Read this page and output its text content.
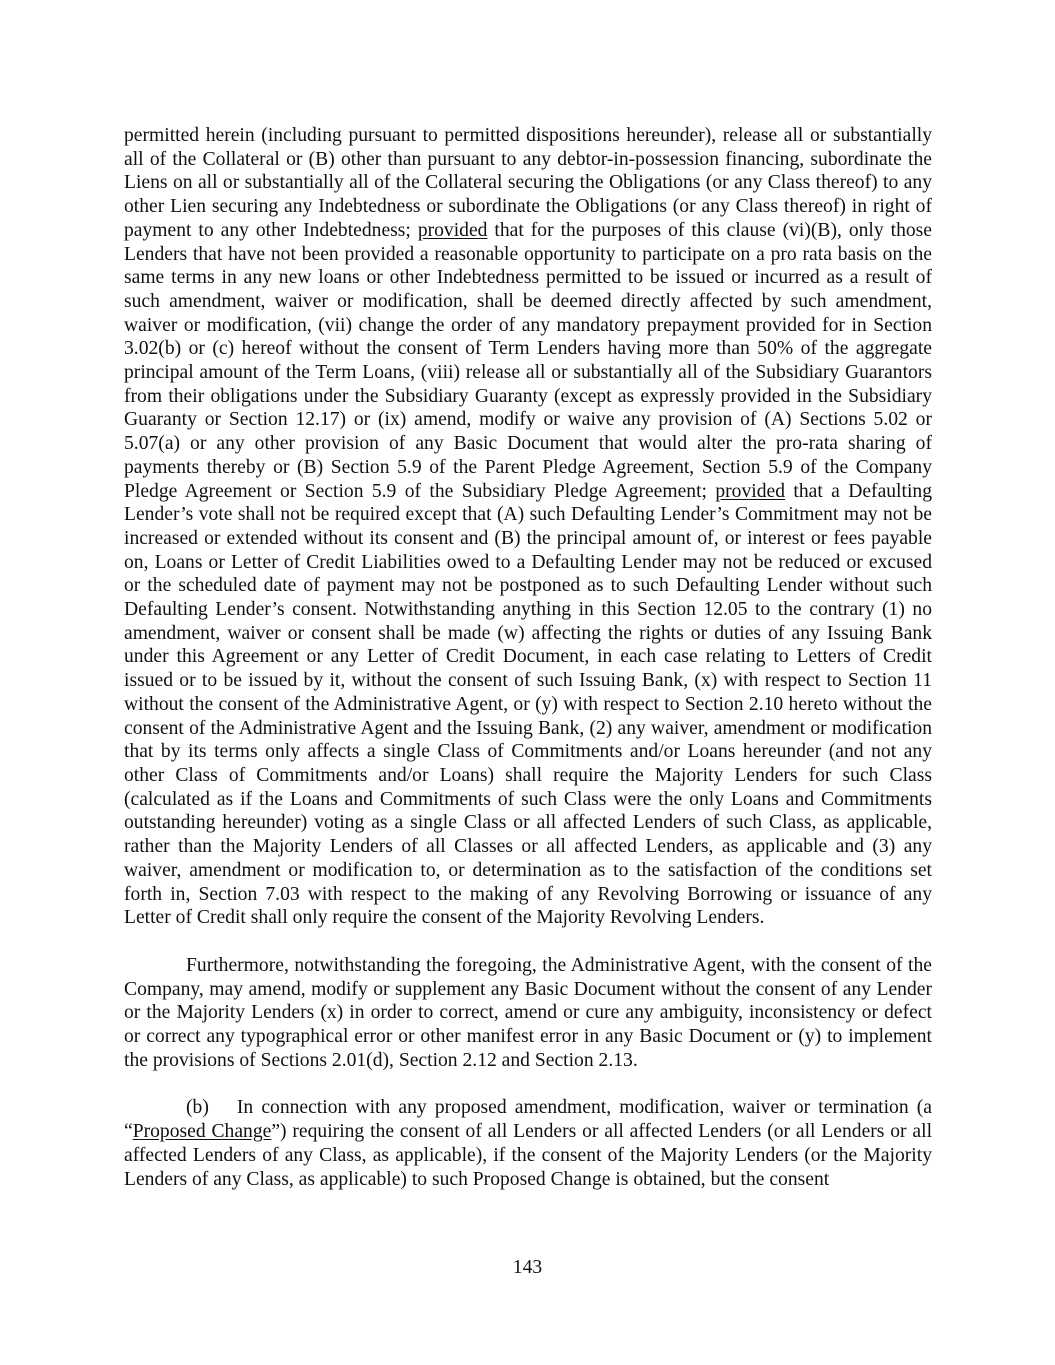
permitted herein (including pursuant to permitted dispositions hereunder), release all or substantially all of the Collateral or (B) other than pursuant to any debtor-in-possession financing, subordinate the Liens on all or substantially all of the Collateral securing the Obligations (or any Class thereof) to any other Lien securing any Indebtedness or subordinate the Obligations (or any Class thereof) in right of payment to any other Indebtedness; provided that for the purposes of this clause (vi)(B), only those Lenders that have not been provided a reasonable opportunity to participate on a pro rata basis on the same terms in any new loans or other Indebtedness permitted to be issued or incurred as a result of such amendment, waiver or modification, shall be deemed directly affected by such amendment, waiver or modification, (vii) change the order of any mandatory prepayment provided for in Section 3.02(b) or (c) hereof without the consent of Term Lenders having more than 50% of the aggregate principal amount of the Term Loans, (viii) release all or substantially all of the Subsidiary Guarantors from their obligations under the Subsidiary Guaranty (except as expressly provided in the Subsidiary Guaranty or Section 12.17) or (ix) amend, modify or waive any provision of (A) Sections 5.02 or 5.07(a) or any other provision of any Basic Document that would alter the pro-rata sharing of payments thereby or (B) Section 5.9 of the Parent Pledge Agreement, Section 5.9 of the Company Pledge Agreement or Section 5.9 of the Subsidiary Pledge Agreement; provided that a Defaulting Lender’s vote shall not be required except that (A) such Defaulting Lender’s Commitment may not be increased or extended without its consent and (B) the principal amount of, or interest or fees payable on, Loans or Letter of Credit Liabilities owed to a Defaulting Lender may not be reduced or excused or the scheduled date of payment may not be postponed as to such Defaulting Lender without such Defaulting Lender’s consent. Notwithstanding anything in this Section 12.05 to the contrary (1) no amendment, waiver or consent shall be made (w) affecting the rights or duties of any Issuing Bank under this Agreement or any Letter of Credit Document, in each case relating to Letters of Credit issued or to be issued by it, without the consent of such Issuing Bank, (x) with respect to Section 11 without the consent of the Administrative Agent, or (y) with respect to Section 2.10 hereto without the consent of the Administrative Agent and the Issuing Bank, (2) any waiver, amendment or modification that by its terms only affects a single Class of Commitments and/or Loans hereunder (and not any other Class of Commitments and/or Loans) shall require the Majority Lenders for such Class (calculated as if the Loans and Commitments of such Class were the only Loans and Commitments outstanding hereunder) voting as a single Class or all affected Lenders of such Class, as applicable, rather than the Majority Lenders of all Classes or all affected Lenders, as applicable and (3) any waiver, amendment or modification to, or determination as to the satisfaction of the conditions set forth in, Section 7.03 with respect to the making of any Revolving Borrowing or issuance of any Letter of Credit shall only require the consent of the Majority Revolving Lenders.

Furthermore, notwithstanding the foregoing, the Administrative Agent, with the consent of the Company, may amend, modify or supplement any Basic Document without the consent of any Lender or the Majority Lenders (x) in order to correct, amend or cure any ambiguity, inconsistency or defect or correct any typographical error or other manifest error in any Basic Document or (y) to implement the provisions of Sections 2.01(d), Section 2.12 and Section 2.13.

(b) In connection with any proposed amendment, modification, waiver or termination (a “Proposed Change”) requiring the consent of all Lenders or all affected Lenders (or all Lenders or all affected Lenders of any Class, as applicable), if the consent of the Majority Lenders (or the Majority Lenders of any Class, as applicable) to such Proposed Change is obtained, but the consent

143
